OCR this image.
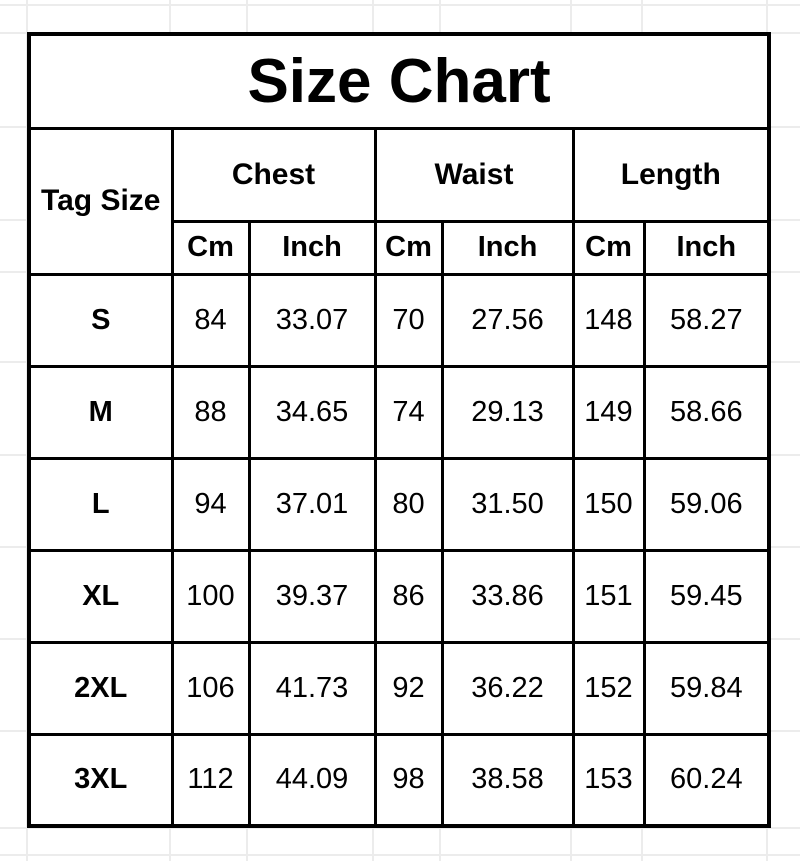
Size Chart						
Tag Size	Chest		Waist		Length	
	Cm	Inch	Cm	Inch	Cm	Inch
S	84	33.07	70	27.56	148	58.27
M	88	34.65	74	29.13	149	58.66
L	94	37.01	80	31.50	150	59.06
XL	100	39.37	86	33.86	151	59.45
2XL	106	41.73	92	36.22	152	59.84
3XL	112	44.09	98	38.58	153	60.24
